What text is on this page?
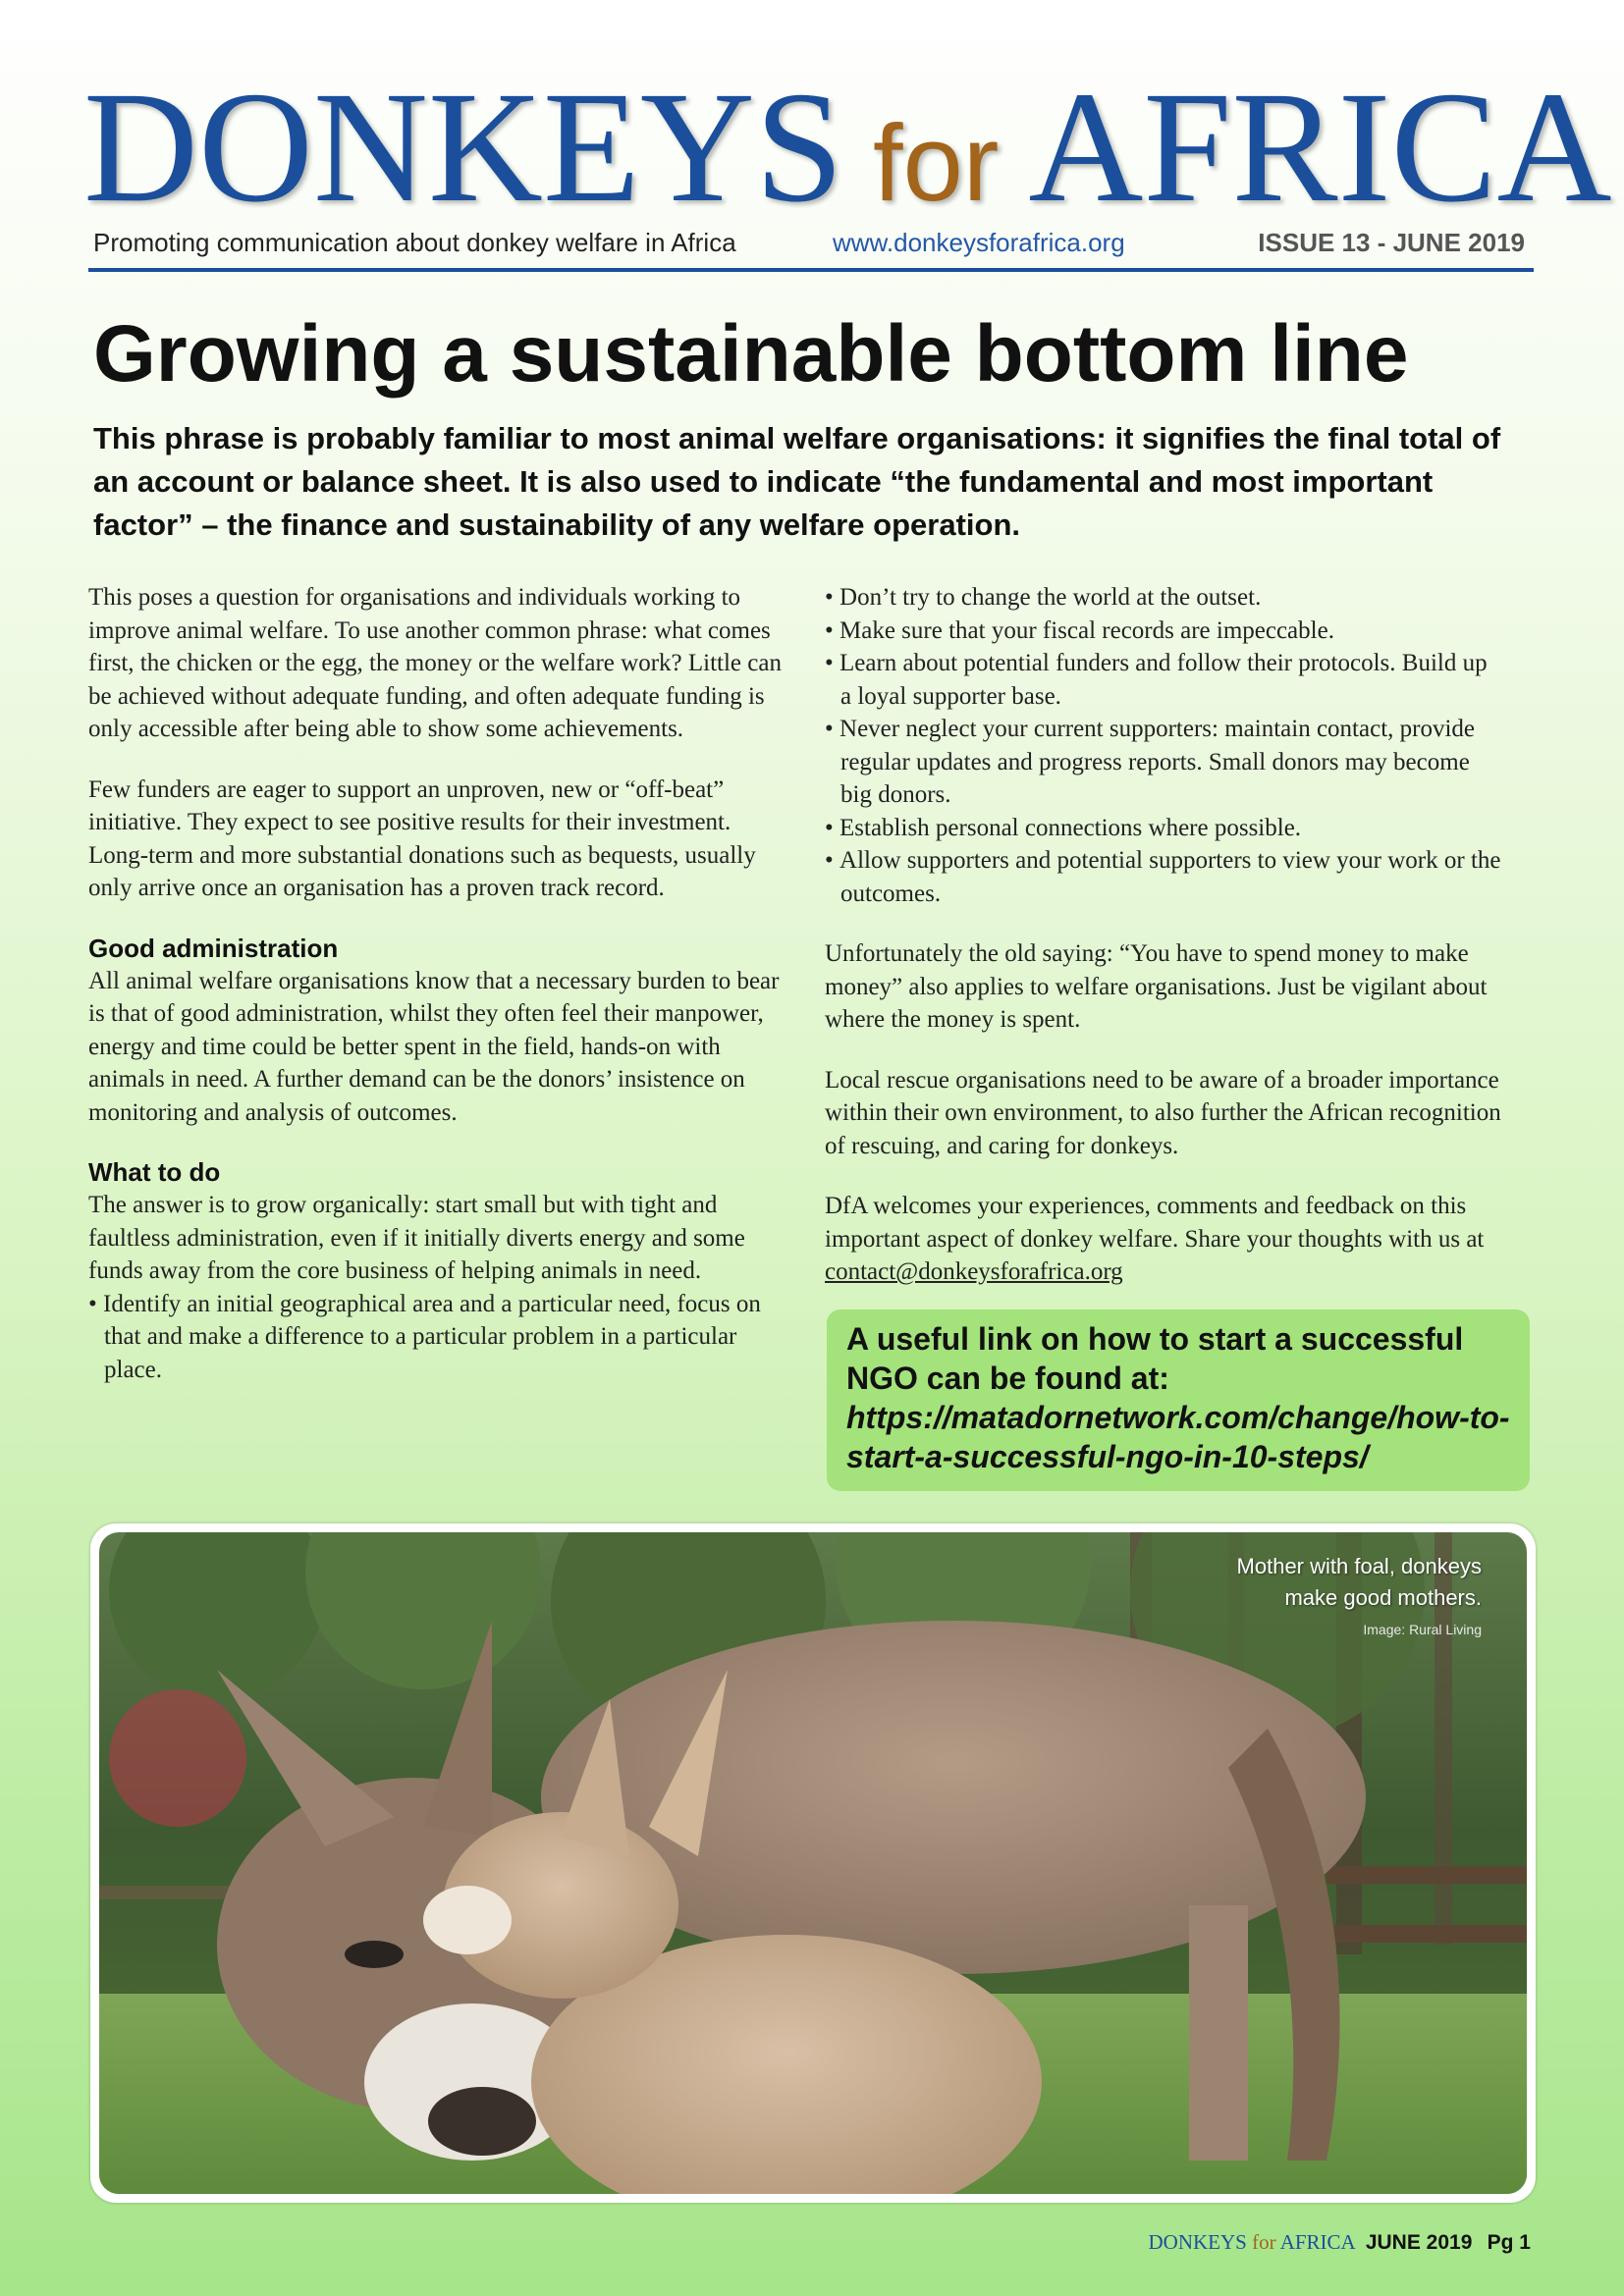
DONKEYS for AFRICA
Promoting communication about donkey welfare in Africa	www.donkeysforafrica.org	ISSUE 13 - JUNE 2019
Growing a sustainable bottom line

This phrase is probably familiar to most animal welfare organisations: it signifies the final total of an account or balance sheet. It is also used to indicate “the fundamental and most important factor” – the finance and sustainability of any welfare operation.

This poses a question for organisations and individuals working to improve animal welfare. To use another common phrase: what comes first, the chicken or the egg, the money or the welfare work? Little can be achieved without adequate funding, and often adequate funding is only accessible after being able to show some achievements.

Few funders are eager to support an unproven, new or “off-beat” initiative. They expect to see positive results for their investment. Long-term and more substantial donations such as bequests, usually only arrive once an organisation has a proven track record.

Good administration

All animal welfare organisations know that a necessary burden to bear is that of good administration, whilst they often feel their manpower, energy and time could be better spent in the field, hands-on with animals in need. A further demand can be the donors’ insistence on monitoring and analysis of outcomes.

What to do

The answer is to grow organically: start small but with tight and faultless administration, even if it initially diverts energy and some funds away from the core business of helping animals in need.

• Identify an initial geographical area and a particular need, focus on that and make a difference to a particular problem in a particular place.
• Don’t try to change the world at the outset.
• Make sure that your fiscal records are impeccable.
• Learn about potential funders and follow their protocols. Build up a loyal supporter base.
• Never neglect your current supporters: maintain contact, provide regular updates and progress reports. Small donors may become big donors.
• Establish personal connections where possible.
• Allow supporters and potential supporters to view your work or the outcomes.

Unfortunately the old saying: “You have to spend money to make money” also applies to welfare organisations. Just be vigilant about where the money is spent.

Local rescue organisations need to be aware of a broader importance within their own environment, to also further the African recognition of rescuing, and caring for donkeys.

DfA welcomes your experiences, comments and feedback on this important aspect of donkey welfare. Share your thoughts with us at contact@donkeysforafrica.org

A useful link on how to start a successful NGO can be found at:
https://matadornetwork.com/change/how-to-start-a-successful-ngo-in-10-steps/
Mother with foal, donkeys
make good mothers.
Image: Rural Living
DONKEYS for AFRICA JUNE 2019 Pg 1
